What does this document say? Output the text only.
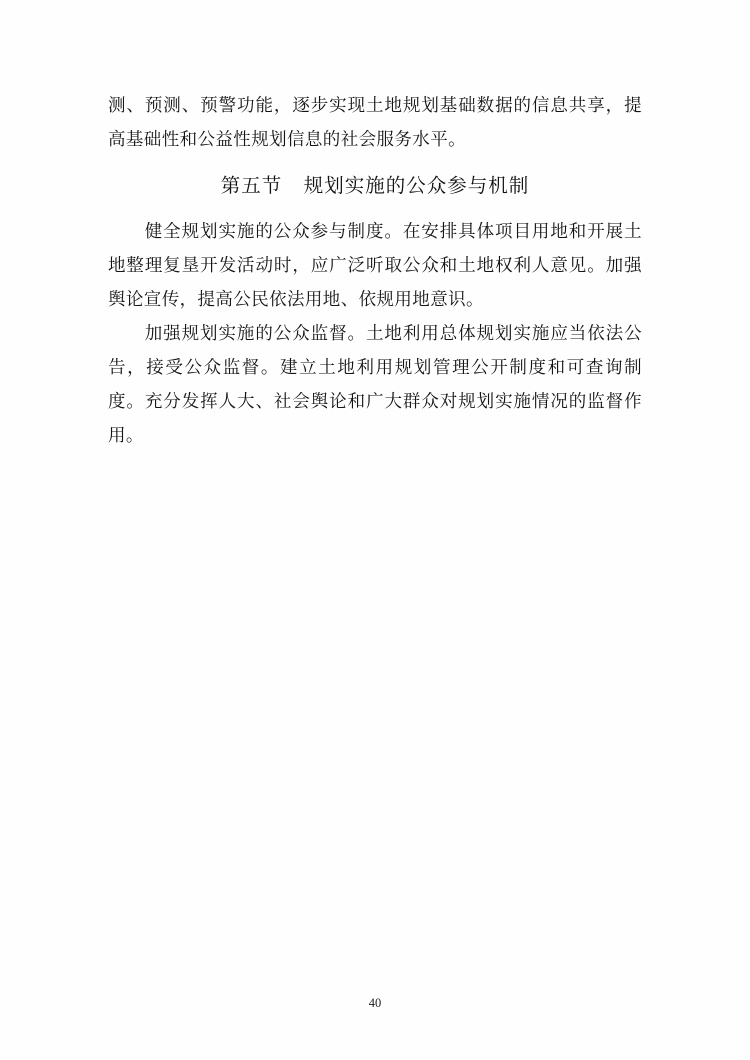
测、预测、预警功能，逐步实现土地规划基础数据的信息共享，提高基础性和公益性规划信息的社会服务水平。

第五节 规划实施的公众参与机制

健全规划实施的公众参与制度。在安排具体项目用地和开展土地整理复垦开发活动时，应广泛听取公众和土地权利人意见。加强舆论宣传，提高公民依法用地、依规用地意识。

加强规划实施的公众监督。土地利用总体规划实施应当依法公告，接受公众监督。建立土地利用规划管理公开制度和可查询制度。充分发挥人大、社会舆论和广大群众对规划实施情况的监督作用。

40
